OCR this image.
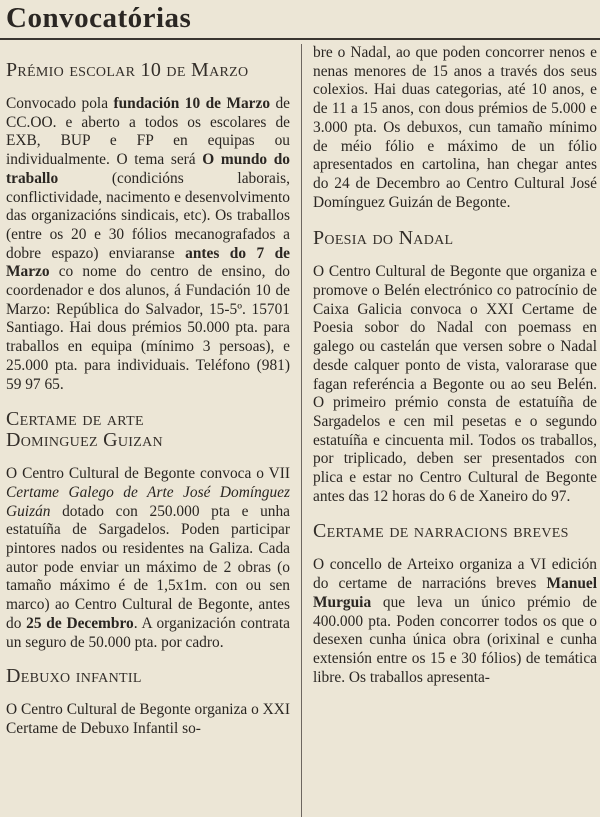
Convocatórias
Prémio escolar 10 de Marzo

Convocado pola fundación 10 de Marzo de CC.OO. e aberto a todos os escolares de EXB, BUP e FP en equipas ou individualmente. O tema será O mundo do traballo (condicións laborais, conflictividade, nacimento e desenvolvimento das organizacións sindicais, etc). Os traballos (entre os 20 e 30 fólios mecanografados a dobre espazo) enviaranse antes do 7 de Marzo co nome do centro de ensino, do coordenador e dos alunos, á Fundación 10 de Marzo: República do Salvador, 15-5º. 15701 Santiago. Hai dous prémios 50.000 pta. para traballos en equipa (mínimo 3 persoas), e 25.000 pta. para individuais. Teléfono (981) 59 97 65.

Certame de arte
Dominguez Guizan

O Centro Cultural de Begonte convoca o VII Certame Galego de Arte José Domínguez Guizán dotado con 250.000 pta e unha estatuíña de Sargadelos. Poden participar pintores nados ou residentes na Galiza. Cada autor pode enviar un máximo de 2 obras (o tamaño máximo é de 1,5x1m. con ou sen marco) ao Centro Cultural de Begonte, antes do 25 de Decembro. A organización contrata un seguro de 50.000 pta. por cadro.

Debuxo infantil

O Centro Cultural de Begonte organiza o XXI Certame de Debuxo Infantil so-

bre o Nadal, ao que poden concorrer nenos e nenas menores de 15 anos a través dos seus colexios. Hai duas categorias, até 10 anos, e de 11 a 15 anos, con dous prémios de 5.000 e 3.000 pta. Os debuxos, cun tamaño mínimo de méio fólio e máximo de un fólio apresentados en cartolina, han chegar antes do 24 de Decembro ao Centro Cultural José Domínguez Guizán de Begonte.

Poesia do Nadal

O Centro Cultural de Begonte que organiza e promove o Belén electrónico co patrocínio de Caixa Galicia convoca o XXI Certame de Poesia sobor do Nadal con poemass en galego ou castelán que versen sobre o Nadal desde calquer ponto de vista, valorarase que fagan referéncia a Begonte ou ao seu Belén. O primeiro prémio consta de estatuíña de Sargadelos e cen mil pesetas e o segundo estatuíña e cincuenta mil. Todos os traballos, por triplicado, deben ser presentados con plica e estar no Centro Cultural de Begonte antes das 12 horas do 6 de Xaneiro do 97.

Certame de narracions breves

O concello de Arteixo organiza a VI edición do certame de narracións breves Manuel Murguia que leva un único prémio de 400.000 pta. Poden concorrer todos os que o desexen cunha única obra (orixinal e cunha extensión entre os 15 e 30 fólios) de temática libre. Os traballos apresenta-
